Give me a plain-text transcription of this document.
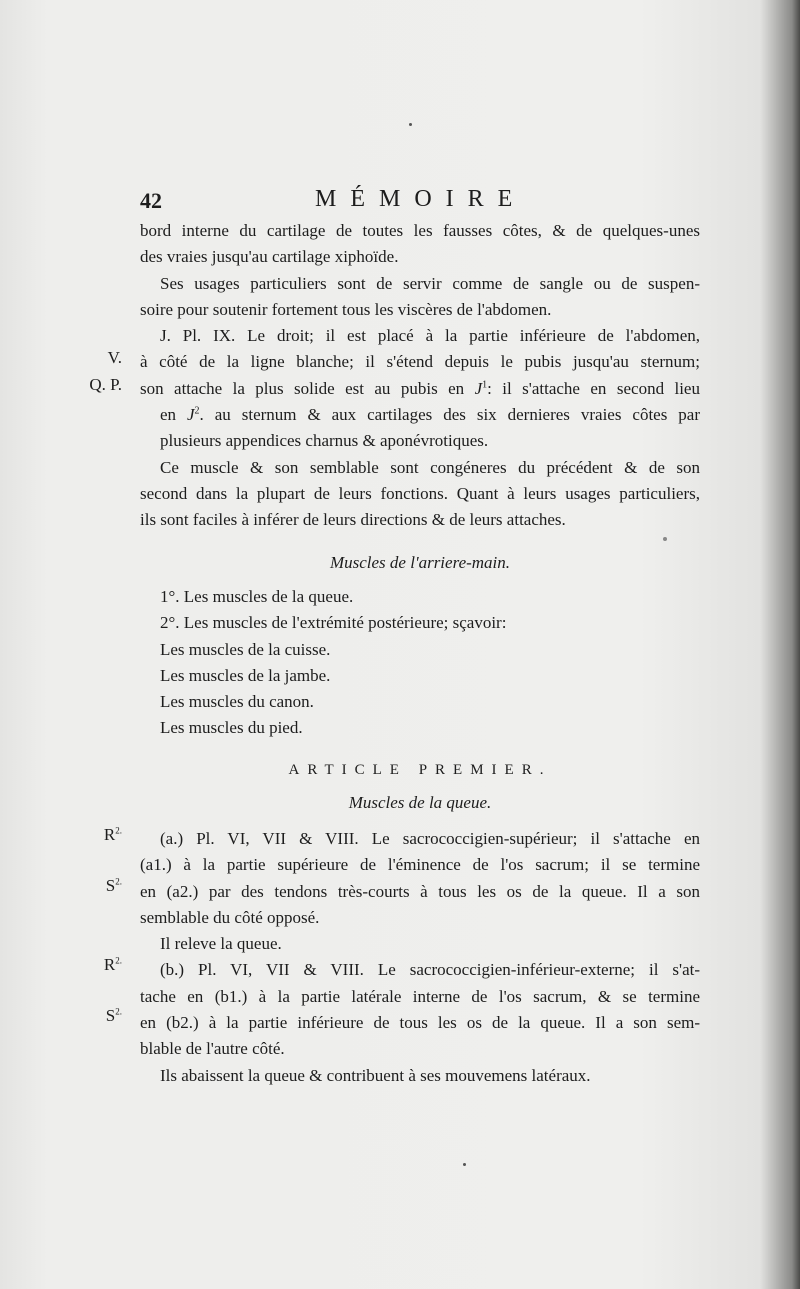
42	MÉMOIRE
V.
Q. P.
$R^{2.}$
$S^{2.}$
$R^{2.}$
$S^{2.}$

bord interne du cartilage de toutes les fausses côtes, & de quelques-unes

des vraies jusqu'au cartilage xiphoïde.

Ses usages particuliers sont de servir comme de sangle ou de suspen-

soire pour soutenir fortement tous les viscères de l'abdomen.

J. Pl. IX. Le droit; il est placé à la partie inférieure de l'abdomen,

à côté de la ligne blanche; il s'étend depuis le pubis jusqu'au sternum;

son attache la plus solide est au pubis en $J^1$: il s'attache en second lieu

en $J^2$. au sternum & aux cartilages des six dernieres vraies côtes par

plusieurs appendices charnus & aponévrotiques.

Ce muscle & son semblable sont congéneres du précédent & de son

second dans la plupart de leurs fonctions. Quant à leurs usages particuliers,

ils sont faciles à inférer de leurs directions & de leurs attaches.

Muscles de l'arriere-main.

1°. Les muscles de la queue.

2°. Les muscles de l'extrémité postérieure; sçavoir:

Les muscles de la cuisse.

Les muscles de la jambe.

Les muscles du canon.

Les muscles du pied.

ARTICLE PREMIER.
Muscles de la queue.

(a.) Pl. VI, VII & VIII. Le sacrococcigien-supérieur; il s'attache en

(a1.) à la partie supérieure de l'éminence de l'os sacrum; il se termine

en (a2.) par des tendons très-courts à tous les os de la queue. Il a son

semblable du côté opposé.

Il releve la queue.

(b.) Pl. VI, VII & VIII. Le sacrococcigien-inférieur-externe; il s'at-

tache en (b1.) à la partie latérale interne de l'os sacrum, & se termine

en (b2.) à la partie inférieure de tous les os de la queue. Il a son sem-

blable de l'autre côté.

Ils abaissent la queue & contribuent à ses mouvemens latéraux.
